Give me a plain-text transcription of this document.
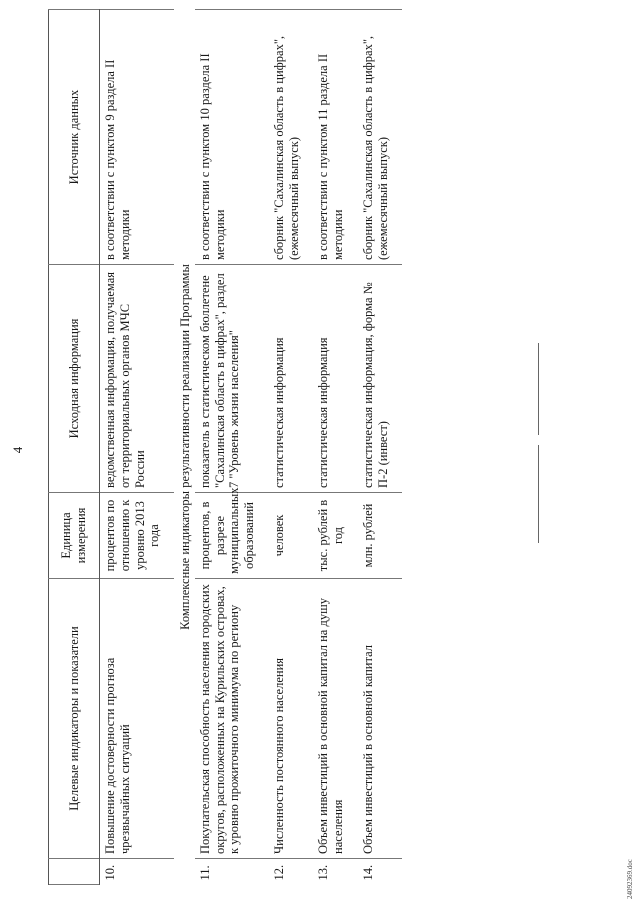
4
	Целевые индикаторы и показатели	Единица измерения	Исходная информация	Источник данных
10.	Повышение достоверности прогноза чрезвычайных ситуаций	процентов по отношению к уровню 2013 года	ведомственная информация, получаемая от территориальных органов МЧС России	в соответствии с пунктом 9 раздела II методики
Комплексные индикаторы результативности реализации Программы				
11.	Покупательская способность населения городских округов, расположенных на Курильских островах, к уровню прожиточного минимума по региону	процентов, в разрезе муниципальных образований	показатель в статистическом бюллетене "Сахалинская область в цифрах", раздел 7 "Уровень жизни населения"	в соответствии с пунктом 10 раздела II методики
12.	Численность постоянного населения	человек	статистическая информация	сборник "Сахалинская область в цифрах", (ежемесячный выпуск)
13.	Объем инвестиций в основной капитал на душу населения	тыс. рублей в год	статистическая информация	в соответствии с пунктом 11 раздела II методики
14.	Объем инвестиций в основной капитал	млн. рублей	статистическая информация, форма № П-2 (инвест)	сборник "Сахалинская область в цифрах", (ежемесячный выпуск)
24092369.doc
